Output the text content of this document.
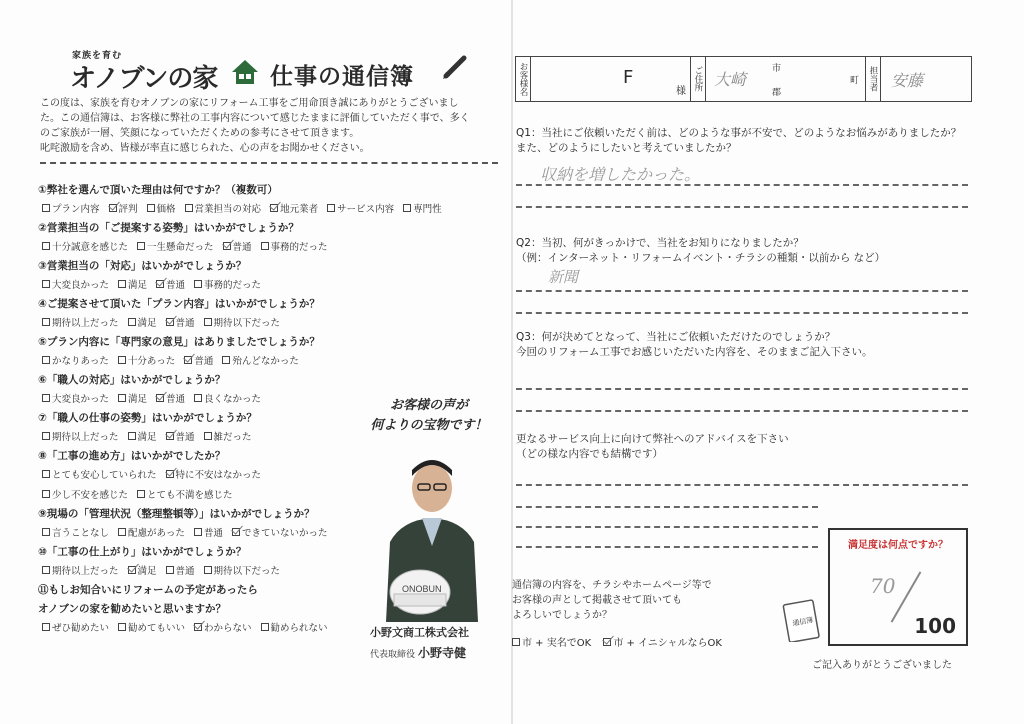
家族を育む
オノブンの家 仕事の通信簿
この度は、家族を育むオノブンの家にリフォーム工事をご用命頂き誠にありがとうございまし
た。この通信簿は、お客様に弊社の工事内容について感じたままに評価していただく事で、多く
のご家族が一層、笑顔になっていただくための参考にさせて頂きます。
叱咤激励を含め、皆様が率直に感じられた、心の声をお聞かせください。
①弊社を選んで頂いた理由は何ですか？（複数可）
プラン内容 評判 価格 営業担当の対応 地元業者 サービス内容 専門性
②営業担当の「ご提案する姿勢」はいかがでしょうか？
十分誠意を感じた 一生懸命だった 普通 事務的だった
③営業担当の「対応」はいかがでしょうか？
大変良かった 満足 普通 事務的だった
④ご提案させて頂いた「プラン内容」はいかがでしょうか？
期待以上だった 満足 普通 期待以下だった
⑤プラン内容に「専門家の意見」はありましたでしょうか？
かなりあった 十分あった 普通 殆んどなかった
⑥「職人の対応」はいかがでしょうか？
大変良かった 満足 普通 良くなかった
⑦「職人の仕事の姿勢」はいかがでしょうか？
期待以上だった 満足 普通 雑だった
⑧「工事の進め方」はいかがでしたか？
とても安心していられた 特に不安はなかった
少し不安を感じた とても不満を感じた
⑨現場の「管理状況（整理整頓等）」はいかがでしょうか？
言うことなし 配慮があった 普通 できていないかった
⑩「工事の仕上がり」はいかがでしょうか？
期待以上だった 満足 普通 期待以下だった
⑪もしお知合いにリフォームの予定があったら
オノブンの家を勧めたいと思いますか？
ぜひ勧めたい 勧めてもいい わからない 勧められない
お客様の声が
何よりの宝物です！
ONOBUN
小野文商工株式会社
代表取締役 小野寺健
お客様名	F
様 ご住所 大崎
市
郡
町 担当者 安藤
Q1：当社にご依頼いただく前は、どのような事が不安で、どのようなお悩みがありましたか？
また、どのようにしたいと考えていましたか？
収納を増したかった。
Q2：当初、何がきっかけで、当社をお知りになりましたか？
（例：インターネット・リフォームイベント・チラシの種類・以前から など）
新聞
Q3：何が決めてとなって、当社にご依頼いただけたのでしょうか？
今回のリフォーム工事でお感じいただいた内容を、そのままご記入下さい。
更なるサービス向上に向けて弊社へのアドバイスを下さい
（どの様な内容でも結構です）
満足度は何点ですか？
70
100
通信簿の内容を、チラシやホームページ等で
お客様の声として掲載させて頂いても
よろしいでしょうか？
市 + 実名でOK
市 + イニシャルならOK
通信簿
ご記入ありがとうございました
